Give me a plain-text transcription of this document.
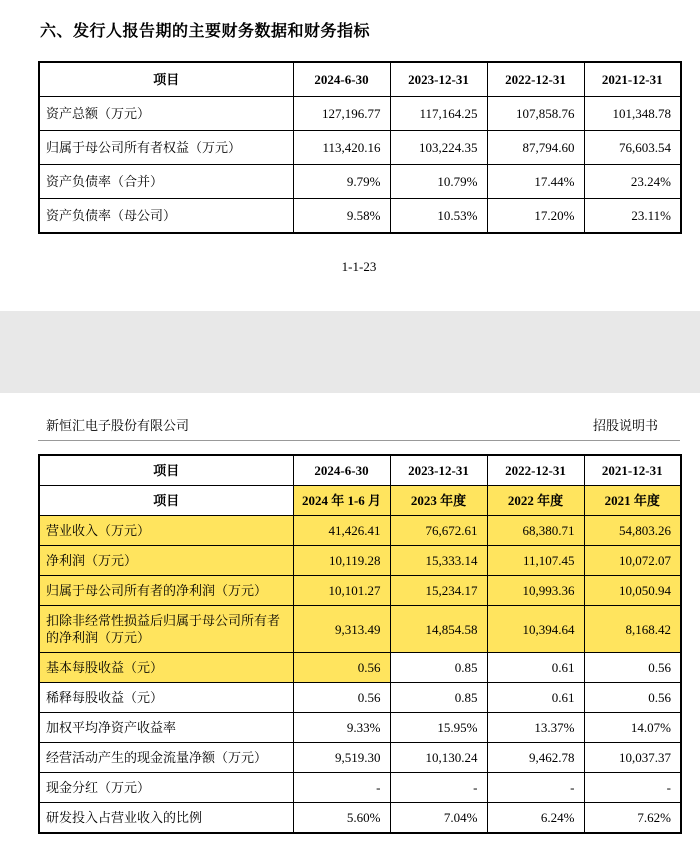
六、发行人报告期的主要财务数据和财务指标
项目	2024-6-30	2023-12-31	2022-12-31	2021-12-31
资产总额（万元）	127,196.77	117,164.25	107,858.76	101,348.78
归属于母公司所有者权益（万元）	113,420.16	103,224.35	87,794.60	76,603.54
资产负债率（合并）	9.79%	10.79%	17.44%	23.24%
资产负债率（母公司）	9.58%	10.53%	17.20%	23.11%
1-1-23
新恒汇电子股份有限公司	招股说明书
项目	2024-6-30	2023-12-31	2022-12-31	2021-12-31
项目	2024 年 1-6 月	2023 年度	2022 年度	2021 年度
营业收入（万元）	41,426.41	76,672.61	68,380.71	54,803.26
净利润（万元）	10,119.28	15,333.14	11,107.45	10,072.07
归属于母公司所有者的净利润（万元）	10,101.27	15,234.17	10,993.36	10,050.94
扣除非经常性损益后归属于母公司所有者的净利润（万元）	9,313.49	14,854.58	10,394.64	8,168.42
基本每股收益（元）	0.56	0.85	0.61	0.56
稀释每股收益（元）	0.56	0.85	0.61	0.56
加权平均净资产收益率	9.33%	15.95%	13.37%	14.07%
经营活动产生的现金流量净额（万元）	9,519.30	10,130.24	9,462.78	10,037.37
现金分红（万元）	-	-	-	-
研发投入占营业收入的比例	5.60%	7.04%	6.24%	7.62%
